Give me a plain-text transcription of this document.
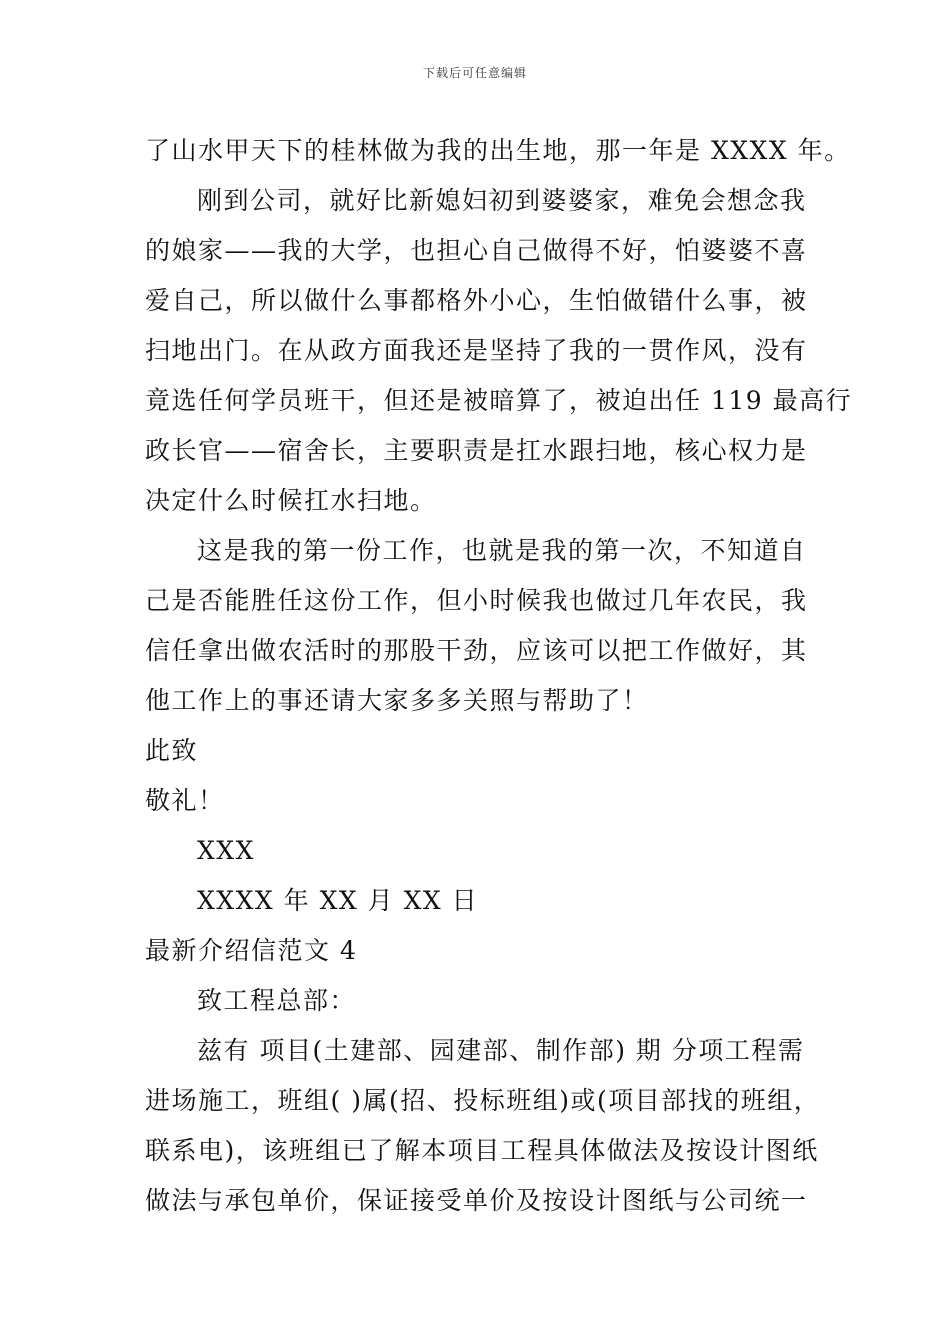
下载后可任意编辑
了山水甲天下的桂林做为我的出生地，那一年是 XXXX 年。
刚到公司，就好比新媳妇初到婆婆家，难免会想念我
的娘家——我的大学，也担心自己做得不好，怕婆婆不喜
爱自己，所以做什么事都格外小心，生怕做错什么事，被
扫地出门。在从政方面我还是坚持了我的一贯作风，没有
竟选任何学员班干，但还是被暗算了，被迫出任 119 最高行
政长官——宿舍长，主要职责是扛水跟扫地，核心权力是
决定什么时候扛水扫地。
这是我的第一份工作，也就是我的第一次，不知道自
己是否能胜任这份工作，但小时候我也做过几年农民，我
信任拿出做农活时的那股干劲，应该可以把工作做好，其
他工作上的事还请大家多多关照与帮助了！
此致
敬礼！
XXX
XXXX 年 XX 月 XX 日
最新介绍信范文 4
致工程总部：
兹有 项目(土建部、园建部、制作部) 期 分项工程需
进场施工，班组( )属(招、投标班组)或(项目部找的班组，
联系电)，该班组已了解本项目工程具体做法及按设计图纸
做法与承包单价，保证接受单价及按设计图纸与公司统一
